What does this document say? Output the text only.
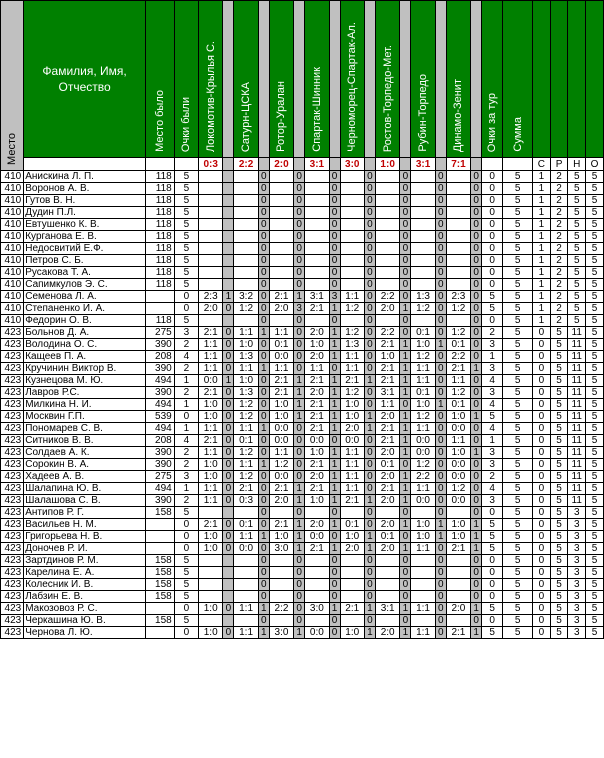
Место	Фамилия, Имя, Отчество	Место было	Очки были	Локомотив-Крылья С.		Сатурн-ЦСКА		Ротор-Уралан		Спартак-Шинник		Черноморец-Спартак-Ал.		Ростов-Торпедо-Мет.		Рубин-Торпедо		Динамо-Зенит		Очки за тур	Сумма				
				0:3		2:2		2:0		3:1		3:0		1:0		3:1		7:1				С	Р	Н	О
410	Анискина Л. П.	118	5				0		0		0		0		0		0		0	0	5	1	2	5	5
410	Воронов А. В.	118	5				0		0		0		0		0		0		0	0	5	1	2	5	5
410	Гутов В. Н.	118	5				0		0		0		0		0		0		0	0	5	1	2	5	5
410	Дудин П.Л.	118	5				0		0		0		0		0		0		0	0	5	1	2	5	5
410	Евтушенко К. В.	118	5				0		0		0		0		0		0		0	0	5	1	2	5	5
410	Курганова Е. В.	118	5				0		0		0		0		0		0		0	0	5	1	2	5	5
410	Недосвитий Е.Ф.	118	5				0		0		0		0		0		0		0	0	5	1	2	5	5
410	Петров С. Б.	118	5				0		0		0		0		0		0		0	0	5	1	2	5	5
410	Русакова Т. А.	118	5				0		0		0		0		0		0		0	0	5	1	2	5	5
410	Сапимкулов Э. С.	118	5				0		0		0		0		0		0		0	0	5	1	2	5	5
410	Семенова Л. А.		0	2:3	1	3:2	0	2:1	1	3:1	3	1:1	0	2:2	0	1:3	0	2:3	0	5	5	1	2	5	5
410	Степаненко И. А.		0	2:0	0	1:2	0	2:0	3	2:1	1	1:2	0	2:0	1	1:2	0	1:2	0	5	5	1	2	5	5
410	Федорин О. В.	118	5				0		0		0		0		0		0		0	0	5	1	2	5	5
423	Больнов Д. А.	275	3	2:1	0	1:1	1	1:1	0	2:0	1	1:2	0	2:2	0	0:1	0	1:2	0	2	5	0	5	11	5
423	Володина О. С.	390	2	1:1	0	1:0	0	0:1	0	1:0	1	1:3	0	2:1	1	1:0	1	0:1	0	3	5	0	5	11	5
423	Кащеев П. А.	208	4	1:1	0	1:3	0	0:0	0	2:0	1	1:1	0	1:0	1	1:2	0	2:2	0	1	5	0	5	11	5
423	Кручинин Виктор В.	390	2	1:1	0	1:1	1	1:1	0	1:1	0	1:1	0	2:1	1	1:1	0	2:1	1	3	5	0	5	11	5
423	Кузнецова М. Ю.	494	1	0:0	1	1:0	0	2:1	1	2:1	1	2:1	1	2:1	1	1:1	0	1:1	0	4	5	0	5	11	5
423	Лавров Р.С.	390	2	2:1	0	1:3	0	2:1	1	2:0	1	1:2	0	3:1	1	0:1	0	1:2	0	3	5	0	5	11	5
423	Милкина Н. И.	494	1	1:0	0	1:2	0	1:0	1	2:1	1	1:0	0	1:1	0	1:0	1	0:1	0	4	5	0	5	11	5
423	Москвин Г.П.	539	0	1:0	0	1:2	0	1:0	1	2:1	1	1:0	1	2:0	1	1:2	0	1:0	1	5	5	0	5	11	5
423	Пономарев С. В.	494	1	1:1	0	1:1	1	0:0	0	2:1	1	2:0	1	2:1	1	1:1	0	0:0	0	4	5	0	5	11	5
423	Ситников В. В.	208	4	2:1	0	0:1	0	0:0	0	0:0	0	0:0	0	2:1	1	0:0	0	1:1	0	1	5	0	5	11	5
423	Солдаев А. К.	390	2	1:1	0	1:2	0	1:1	0	1:0	1	1:1	0	2:0	1	0:0	0	1:0	1	3	5	0	5	11	5
423	Сорокин В. А.	390	2	1:0	0	1:1	1	1:2	0	2:1	1	1:1	0	0:1	0	1:2	0	0:0	0	3	5	0	5	11	5
423	Хадеев А. В.	275	3	1:0	0	1:2	0	0:0	0	2:0	1	1:1	0	2:0	1	2:2	0	0:0	0	2	5	0	5	11	5
423	Шалапина Ю. В.	494	1	1:1	0	2:1	0	2:1	1	2:1	1	1:1	0	2:1	1	1:1	0	1:2	0	4	5	0	5	11	5
423	Шалашова С. В.	390	2	1:1	0	0:3	0	2:0	1	1:0	1	2:1	1	2:0	1	0:0	0	0:0	0	3	5	0	5	11	5
423	Антипов Р. Г.	158	5				0		0		0		0		0		0		0	0	5	0	5	3	5
423	Васильев Н. М.		0	2:1	0	0:1	0	2:1	1	2:0	1	0:1	0	2:0	1	1:0	1	1:0	1	5	5	0	5	3	5
423	Григорьева Н. В.		0	1:0	0	1:1	1	1:0	1	0:0	0	1:0	1	0:1	0	1:0	1	1:0	1	5	5	0	5	3	5
423	Доночев Р. И.		0	1:0	0	0:0	0	3:0	1	2:1	1	2:0	1	2:0	1	1:1	0	2:1	1	5	5	0	5	3	5
423	Зартдинов Р. М.	158	5				0		0		0		0		0		0		0	0	5	0	5	3	5
423	Карелина Е. А.	158	5				0		0		0		0		0		0		0	0	5	0	5	3	5
423	Колесник И. В.	158	5				0		0		0		0		0		0		0	0	5	0	5	3	5
423	Лабзин Е. В.	158	5				0		0		0		0		0		0		0	0	5	0	5	3	5
423	Макозовоз Р. С.		0	1:0	0	1:1	1	2:2	0	3:0	1	2:1	1	3:1	1	1:1	0	2:0	1	5	5	0	5	3	5
423	Черкашина Ю. В.	158	5				0		0		0		0		0		0		0	0	5	0	5	3	5
423	Чернова Л. Ю.		0	1:0	0	1:1	1	3:0	1	0:0	0	1:0	1	2:0	1	1:1	0	2:1	1	5	5	0	5	3	5
